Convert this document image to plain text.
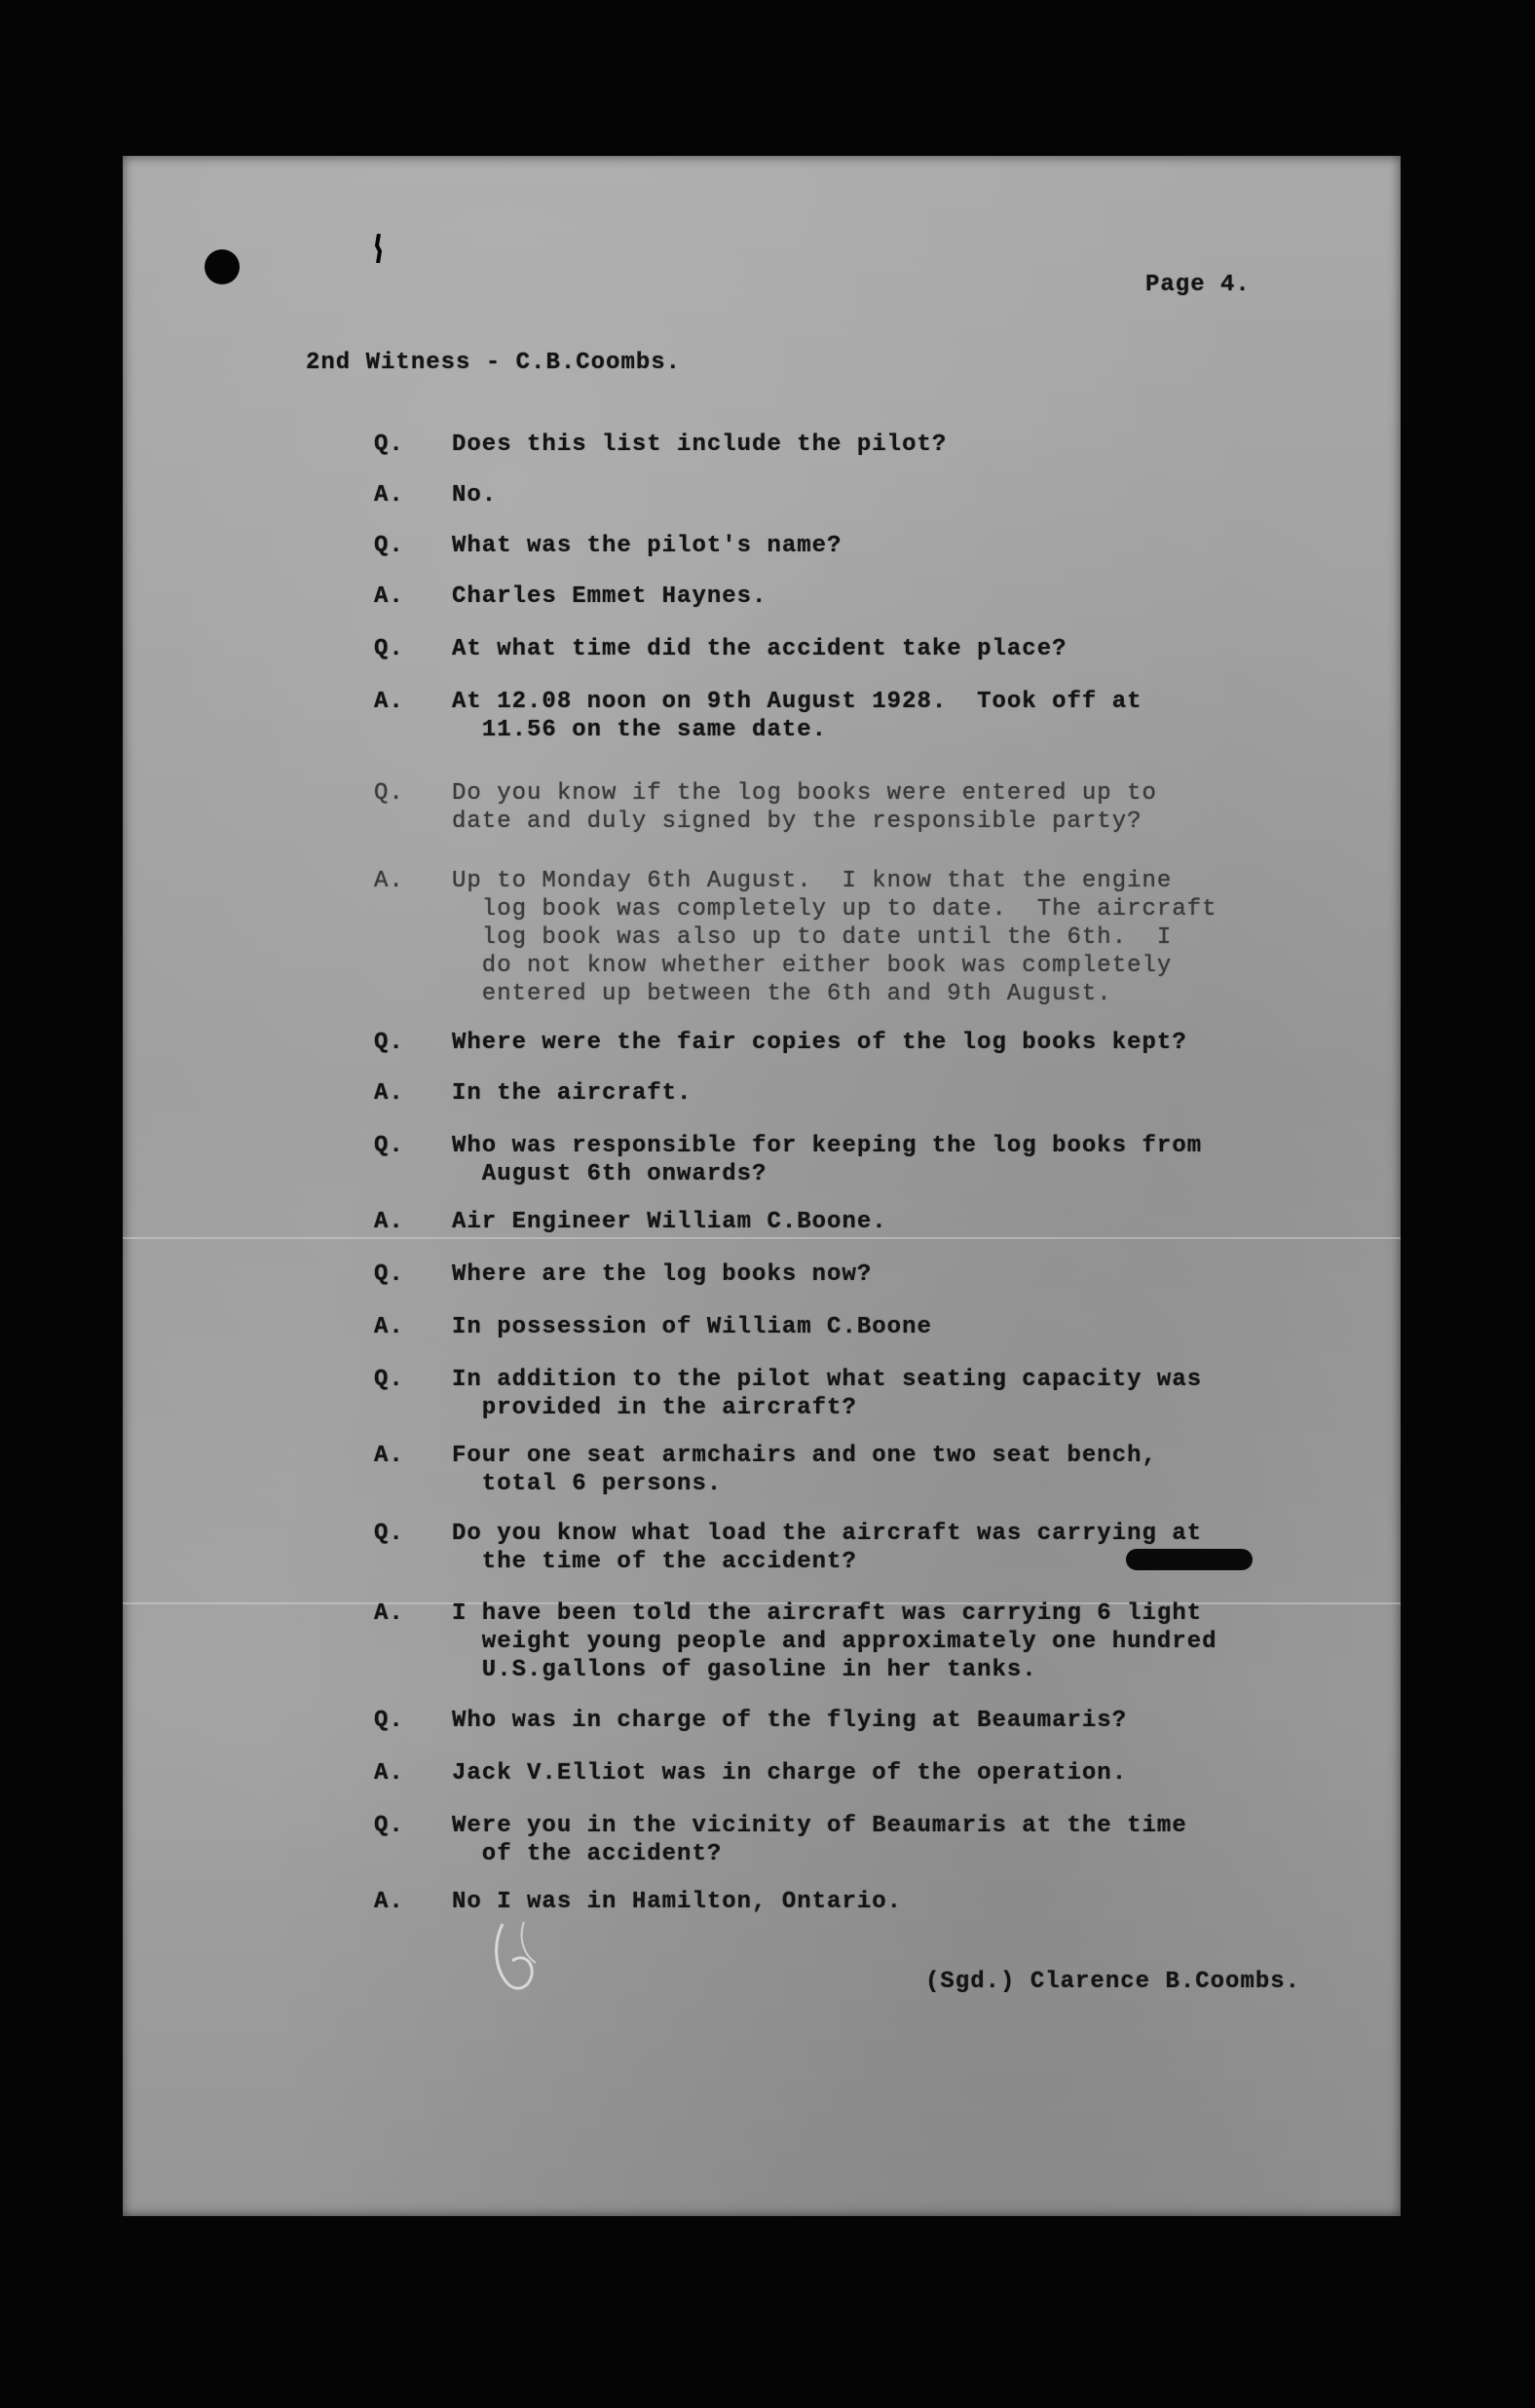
Page 4.
2nd Witness - C.B.Coombs.
Q. Does this list include the pilot?
A. No.
Q. What was the pilot's name?
A. Charles Emmet Haynes.
Q. At what time did the accident take place?
A. At 12.08 noon on 9th August 1928.  Took off at
11.56 on the same date.
Q. Do you know if the log books were entered up to
date and duly signed by the responsible party?
A. Up to Monday 6th August.  I know that the engine
log book was completely up to date.  The aircraft
log book was also up to date until the 6th.  I
do not know whether either book was completely
entered up between the 6th and 9th August.
Q. Where were the fair copies of the log books kept?
A. In the aircraft.
Q. Who was responsible for keeping the log books from
August 6th onwards?
A. Air Engineer William C.Boone.
Q. Where are the log books now?
A. In possession of William C.Boone
Q. In addition to the pilot what seating capacity was
provided in the aircraft?
A. Four one seat armchairs and one two seat bench,
total 6 persons.
Q. Do you know what load the aircraft was carrying at
the time of the accident?
A. I have been told the aircraft was carrying 6 light
weight young people and approximately one hundred
U.S.gallons of gasoline in her tanks.
Q. Who was in charge of the flying at Beaumaris?
A. Jack V.Elliot was in charge of the operation.
Q. Were you in the vicinity of Beaumaris at the time
of the accident?
A. No I was in Hamilton, Ontario.
(Sgd.) Clarence B.Coombs.
